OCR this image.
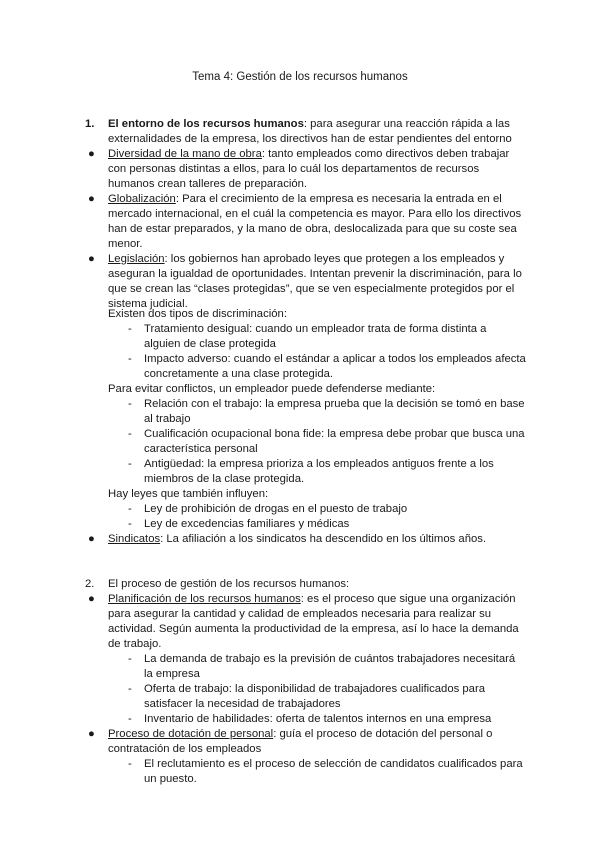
Tema 4: Gestión de los recursos humanos
1. El entorno de los recursos humanos: para asegurar una reacción rápida a las externalidades de la empresa, los directivos han de estar pendientes del entorno
● Diversidad de la mano de obra: tanto empleados como directivos deben trabajar con personas distintas a ellos, para lo cuál los departamentos de recursos humanos crean talleres de preparación.
● Globalización: Para el crecimiento de la empresa es necesaria la entrada en el mercado internacional, en el cuál la competencia es mayor. Para ello los directivos han de estar preparados, y la mano de obra, deslocalizada para que su coste sea menor.
● Legislación: los gobiernos han aprobado leyes que protegen a los empleados y aseguran la igualdad de oportunidades. Intentan prevenir la discriminación, para lo que se crean las “clases protegidas”, que se ven especialmente protegidos por el sistema judicial.
Existen dos tipos de discriminación:
- Tratamiento desigual: cuando un empleador trata de forma distinta a alguien de clase protegida
- Impacto adverso: cuando el estándar a aplicar a todos los empleados afecta concretamente a una clase protegida.
Para evitar conflictos, un empleador puede defenderse mediante:
- Relación con el trabajo: la empresa prueba que la decisión se tomó en base al trabajo
- Cualificación ocupacional bona fide: la empresa debe probar que busca una característica personal
- Antigüedad: la empresa prioriza a los empleados antiguos frente a los miembros de la clase protegida.
Hay leyes que también influyen:
- Ley de prohibición de drogas en el puesto de trabajo
- Ley de excedencias familiares y médicas
● Sindicatos: La afiliación a los sindicatos ha descendido en los últimos años.
2. El proceso de gestión de los recursos humanos:
● Planificación de los recursos humanos: es el proceso que sigue una organización para asegurar la cantidad y calidad de empleados necesaria para realizar su actividad. Según aumenta la productividad de la empresa, así lo hace la demanda de trabajo.
- La demanda de trabajo es la previsión de cuántos trabajadores necesitará la empresa
- Oferta de trabajo: la disponibilidad de trabajadores cualificados para satisfacer la necesidad de trabajadores
- Inventario de habilidades: oferta de talentos internos en una empresa
● Proceso de dotación de personal: guía el proceso de dotación del personal o contratación de los empleados
- El reclutamiento es el proceso de selección de candidatos cualificados para un puesto.
